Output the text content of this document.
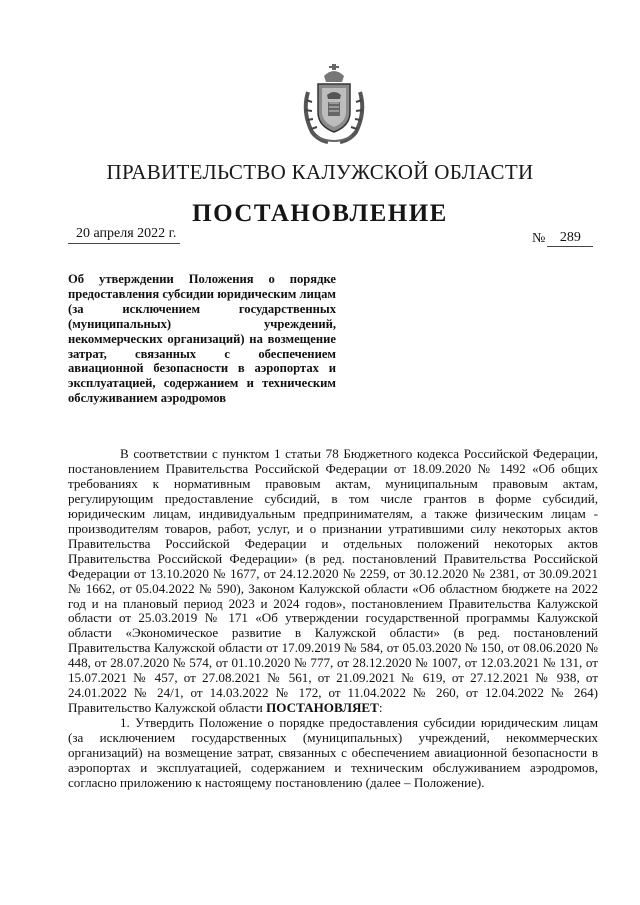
ПРАВИТЕЛЬСТВО КАЛУЖСКОЙ ОБЛАСТИ
ПОСТАНОВЛЕНИЕ
20 апреля 2022 г.	№ 289
Об утверждении Положения о порядке предоставления субсидии юридическим лицам (за исключением государственных (муниципальных) учреждений, некоммерческих организаций) на возмещение затрат, связанных с обеспечением авиационной безопасности в аэропортах и эксплуатацией, содержанием и техническим обслуживанием аэродромов

В соответствии с пунктом 1 статьи 78 Бюджетного кодекса Российской Федерации, постановлением Правительства Российской Федерации от 18.09.2020 № 1492 «Об общих требованиях к нормативным правовым актам, муниципальным правовым актам, регулирующим предоставление субсидий, в том числе грантов в форме субсидий, юридическим лицам, индивидуальным предпринимателям, а также физическим лицам - производителям товаров, работ, услуг, и о признании утратившими силу некоторых актов Правительства Российской Федерации и отдельных положений некоторых актов Правительства Российской Федерации» (в ред. постановлений Правительства Российской Федерации от 13.10.2020 № 1677, от 24.12.2020 № 2259, от 30.12.2020 № 2381, от 30.09.2021 № 1662, от 05.04.2022 № 590), Законом Калужской области «Об областном бюджете на 2022 год и на плановый период 2023 и 2024 годов», постановлением Правительства Калужской области от 25.03.2019 № 171 «Об утверждении государственной программы Калужской области «Экономическое развитие в Калужской области» (в ред. постановлений Правительства Калужской области от 17.09.2019 № 584, от 05.03.2020 № 150, от 08.06.2020 № 448, от 28.07.2020 № 574, от 01.10.2020 № 777, от 28.12.2020 № 1007, от 12.03.2021 № 131, от 15.07.2021 № 457, от 27.08.2021 № 561, от 21.09.2021 № 619, от 27.12.2021 № 938, от 24.01.2022 № 24/1, от 14.03.2022 № 172, от 11.04.2022 № 260, от 12.04.2022 № 264) Правительство Калужской области ПОСТАНОВЛЯЕТ:

1. Утвердить Положение о порядке предоставления субсидии юридическим лицам (за исключением государственных (муниципальных) учреждений, некоммерческих организаций) на возмещение затрат, связанных с обеспечением авиационной безопасности в аэропортах и эксплуатацией, содержанием и техническим обслуживанием аэродромов, согласно приложению к настоящему постановлению (далее – Положение).
